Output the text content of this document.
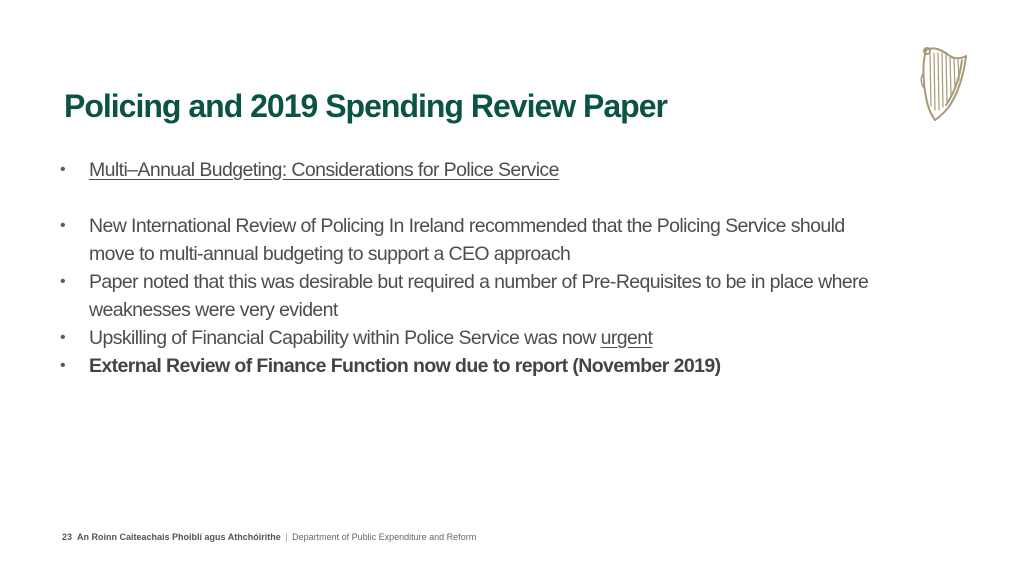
Policing and 2019 Spending Review Paper
•	Multi–Annual Budgeting: Considerations for Police Service
•	New International Review of Policing In Ireland recommended that the Policing Service should move to multi-annual budgeting to support a CEO approach
•	Paper noted that this was desirable but required a number of Pre-Requisites to be in place where weaknesses were very evident
•	Upskilling of Financial Capability within Police Service was now urgent
•	External Review of Finance Function now due to report (November 2019)
23 An Roinn Caiteachais Phoiblí agus Athchóirithe | Department of Public Expenditure and Reform
